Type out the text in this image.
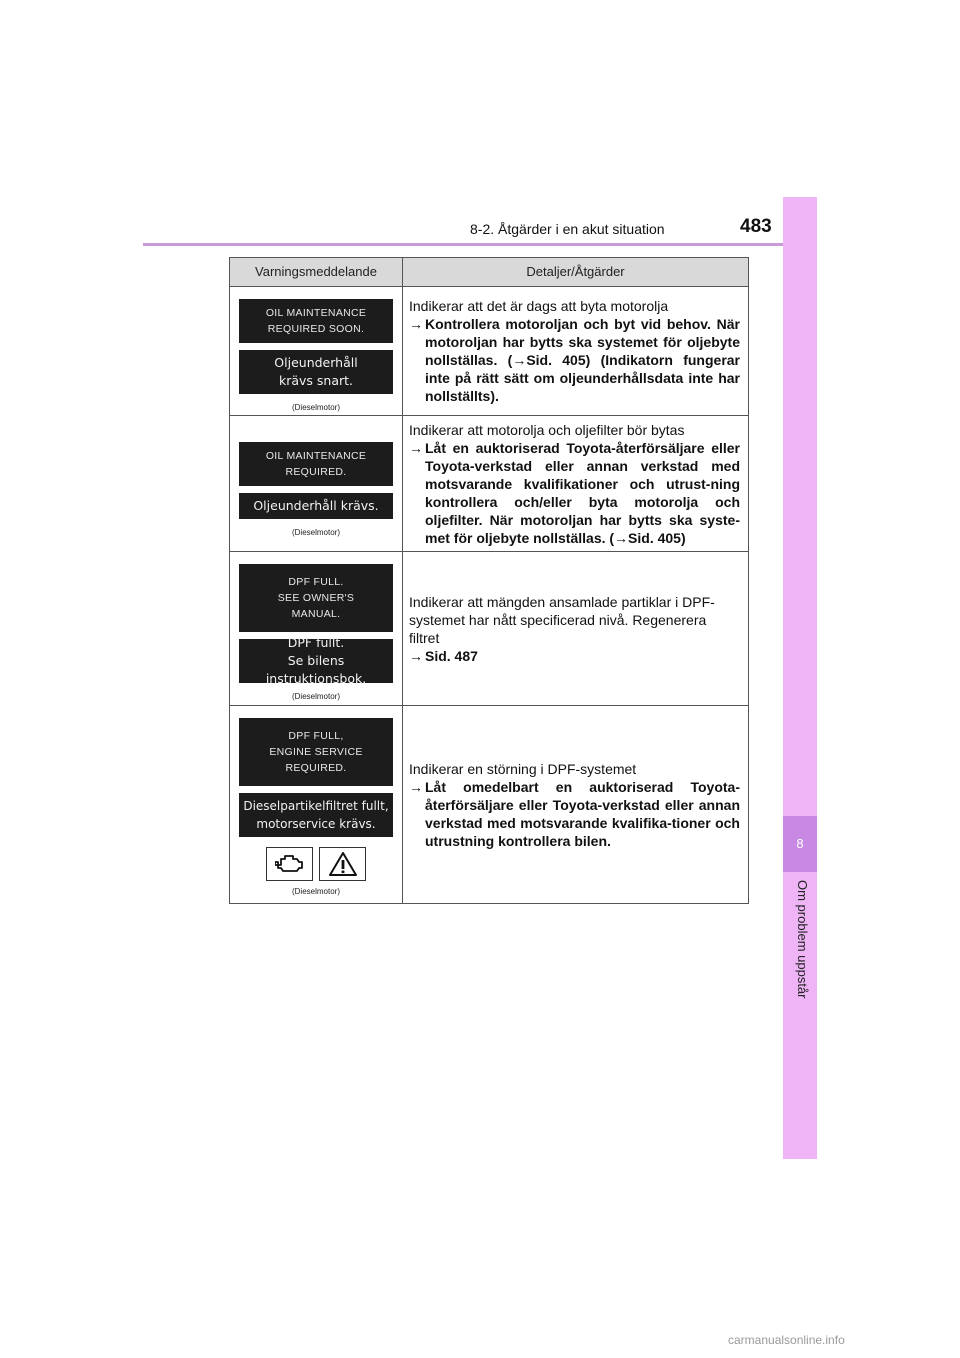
8-2. Åtgärder i en akut situation	483
8
Om problem uppstår
Varningsmeddelande	Detaljer/Åtgärder
OIL MAINTENANCE
REQUIRED SOON.
Oljeunderhåll
krävs snart.
(Dieselmotor)

Indikerar att det är dags att byta motorolja

→ Kontrollera motoroljan och byt vid behov. När motoroljan har bytts ska systemet för oljebyte nollställas. (→Sid. 405) (Indikatorn fungerar inte på rätt sätt om oljeunderhållsdata inte har nollställts).
OIL MAINTENANCE
REQUIRED.
Oljeunderhåll krävs.
(Dieselmotor)

Indikerar att motorolja och oljefilter bör bytas

→ Låt en auktoriserad Toyota-återförsäljare eller Toyota-verkstad eller annan verkstad med motsvarande kvalifikationer och utrust-ning kontrollera och/eller byta motorolja och oljefilter. När motoroljan har bytts ska syste-met för oljebyte nollställas. (→Sid. 405)
DPF FULL.
SEE OWNER'S
MANUAL.
DPF fullt.
Se bilens instruktionsbok.
(Dieselmotor)

Indikerar att mängden ansamlade partiklar i DPF-systemet har nått specificerad nivå. Regenerera filtret

→ Sid. 487
DPF FULL,
ENGINE SERVICE
REQUIRED.
Dieselpartikelfiltret fullt,
motorservice krävs.
(Dieselmotor)

Indikerar en störning i DPF-systemet

→ Låt omedelbart en auktoriserad Toyota-återförsäljare eller Toyota-verkstad eller annan verkstad med motsvarande kvalifika-tioner och utrustning kontrollera bilen.
carmanualsonline.info
